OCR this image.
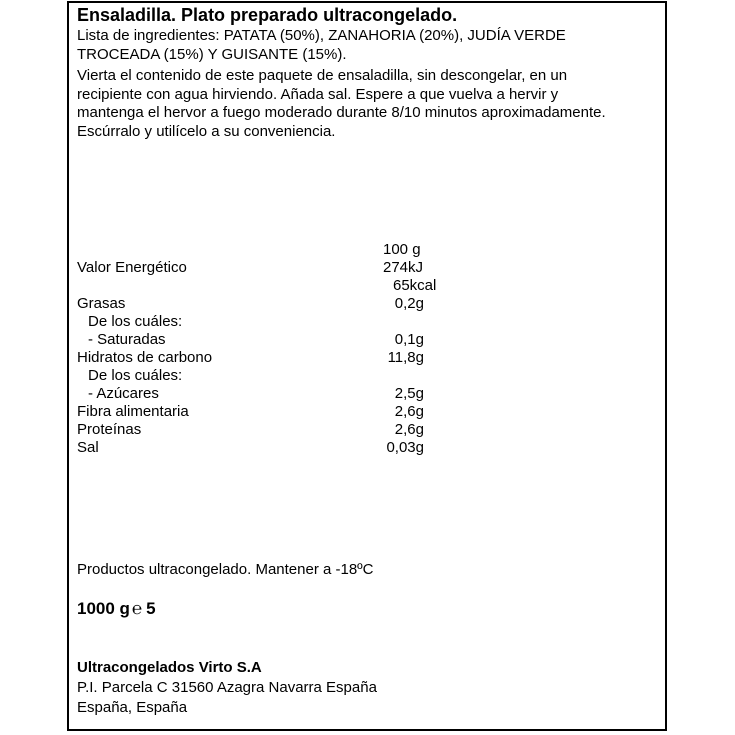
Ensaladilla. Plato preparado ultracongelado.

Lista de ingredientes: PATATA (50%), ZANAHORIA (20%), JUDÍA VERDE

TROCEADA (15%) Y GUISANTE (15%).

Vierta el contenido de este paquete de ensaladilla, sin descongelar, en un

recipiente con agua hirviendo. Añada sal. Espere a que vuelva a hervir y

mantenga el hervor a fuego moderado durante 8/10 minutos aproximadamente.

Escúrralo y utilícelo a su conveniencia.

100 g
Valor Energético	274kJ
65kcal
Grasas	0,2g
De los cuáles:
- Saturadas	0,1g
Hidratos de carbono	11,8g
De los cuáles:
- Azúcares	2,5g
Fibra alimentaria	2,6g
Proteínas	2,6g
Sal	0,03g
Productos ultracongelado. Mantener a -18ºC
1000 g ℮ 5
Ultracongelados Virto S.A
P.I. Parcela C 31560 Azagra Navarra España
España, España
